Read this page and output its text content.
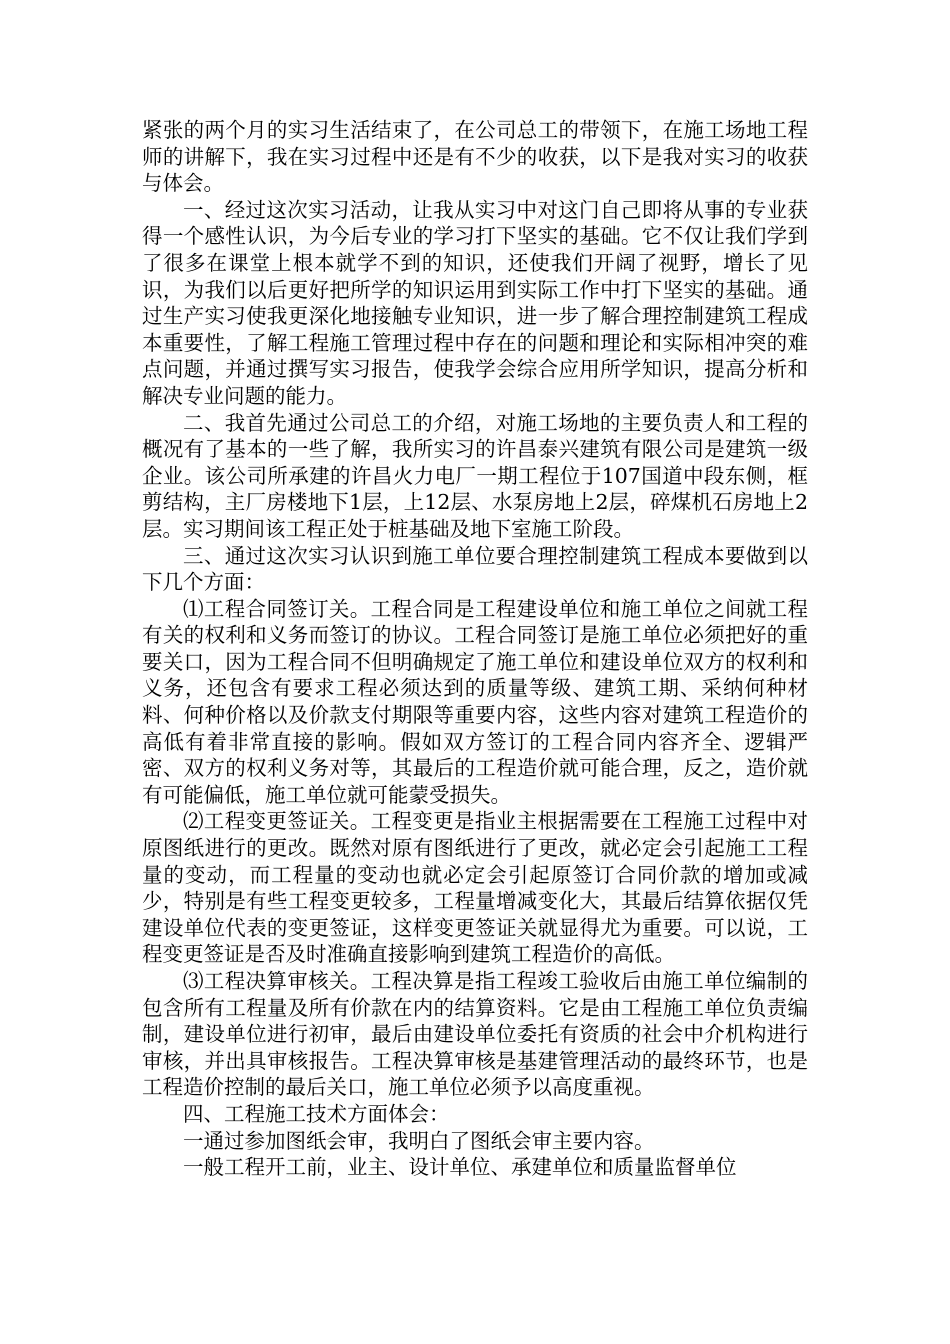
紧张的两个月的实习生活结束了，在公司总工的带领下，在施工场地工程师的讲解下，我在实习过程中还是有不少的收获，以下是我对实习的收获与体会。

一、经过这次实习活动，让我从实习中对这门自己即将从事的专业获得一个感性认识，为今后专业的学习打下坚实的基础。它不仅让我们学到了很多在课堂上根本就学不到的知识，还使我们开阔了视野，增长了见识，为我们以后更好把所学的知识运用到实际工作中打下坚实的基础。通过生产实习使我更深化地接触专业知识，进一步了解合理控制建筑工程成本重要性，了解工程施工管理过程中存在的问题和理论和实际相冲突的难点问题，并通过撰写实习报告，使我学会综合应用所学知识，提高分析和解决专业问题的能力。

二、我首先通过公司总工的介绍，对施工场地的主要负责人和工程的概况有了基本的一些了解，我所实习的许昌泰兴建筑有限公司是建筑一级企业。该公司所承建的许昌火力电厂一期工程位于107国道中段东侧，框剪结构，主厂房楼地下1层，上12层、水泵房地上2层，碎煤机石房地上2层。实习期间该工程正处于桩基础及地下室施工阶段。

三、通过这次实习认识到施工单位要合理控制建筑工程成本要做到以下几个方面：

⑴工程合同签订关。工程合同是工程建设单位和施工单位之间就工程有关的权利和义务而签订的协议。工程合同签订是施工单位必须把好的重要关口，因为工程合同不但明确规定了施工单位和建设单位双方的权利和义务，还包含有要求工程必须达到的质量等级、建筑工期、采纳何种材料、何种价格以及价款支付期限等重要内容，这些内容对建筑工程造价的高低有着非常直接的影响。假如双方签订的工程合同内容齐全、逻辑严密、双方的权利义务对等，其最后的工程造价就可能合理，反之，造价就有可能偏低，施工单位就可能蒙受损失。

⑵工程变更签证关。工程变更是指业主根据需要在工程施工过程中对原图纸进行的更改。既然对原有图纸进行了更改，就必定会引起施工工程量的变动，而工程量的变动也就必定会引起原签订合同价款的增加或减少，特别是有些工程变更较多，工程量增减变化大，其最后结算依据仅凭建设单位代表的变更签证，这样变更签证关就显得尤为重要。可以说，工程变更签证是否及时准确直接影响到建筑工程造价的高低。

⑶工程决算审核关。工程决算是指工程竣工验收后由施工单位编制的包含所有工程量及所有价款在内的结算资料。它是由工程施工单位负责编制，建设单位进行初审，最后由建设单位委托有资质的社会中介机构进行审核，并出具审核报告。工程决算审核是基建管理活动的最终环节，也是工程造价控制的最后关口，施工单位必须予以高度重视。

四、工程施工技术方面体会：

一通过参加图纸会审，我明白了图纸会审主要内容。

一般工程开工前，业主、设计单位、承建单位和质量监督单位
